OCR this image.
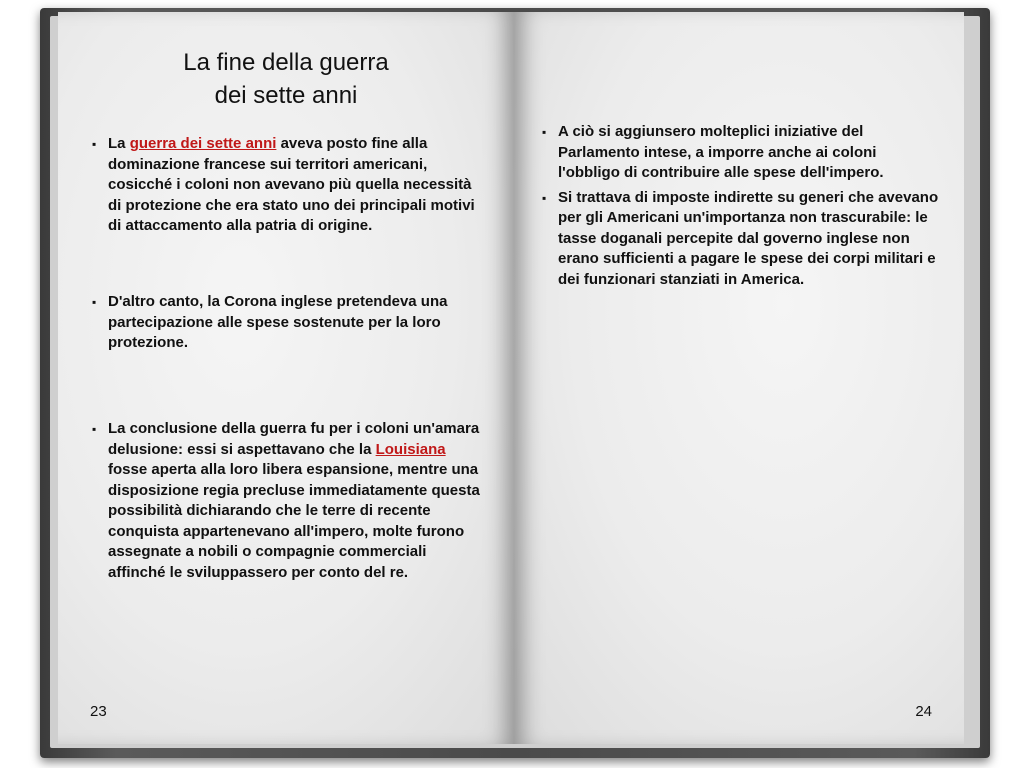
La fine della guerra
dei sette anni
▪ La guerra dei sette anni aveva posto fine alla dominazione francese sui territori americani, cosicché i coloni non avevano più quella necessità di protezione che era stato uno dei principali motivi di attaccamento alla patria di origine.
▪ D'altro canto, la Corona inglese pretendeva una partecipazione alle spese sostenute per la loro protezione.
▪ La conclusione della guerra fu per i coloni un'amara delusione: essi si aspettavano che la Louisiana fosse aperta alla loro libera espansione, mentre una disposizione regia precluse immediatamente questa possibilità dichiarando che le terre di recente conquista appartenevano all'impero, molte furono assegnate a nobili o compagnie commerciali affinché le sviluppassero per conto del re.
23
▪ A ciò si aggiunsero molteplici iniziative del Parlamento intese, a imporre anche ai coloni l'obbligo di contribuire alle spese dell'impero.
▪ Si trattava di imposte indirette su generi che avevano per gli Americani un'importanza non trascurabile: le tasse doganali percepite dal governo inglese non erano sufficienti a pagare le spese dei corpi militari e dei funzionari stanziati in America.
24
